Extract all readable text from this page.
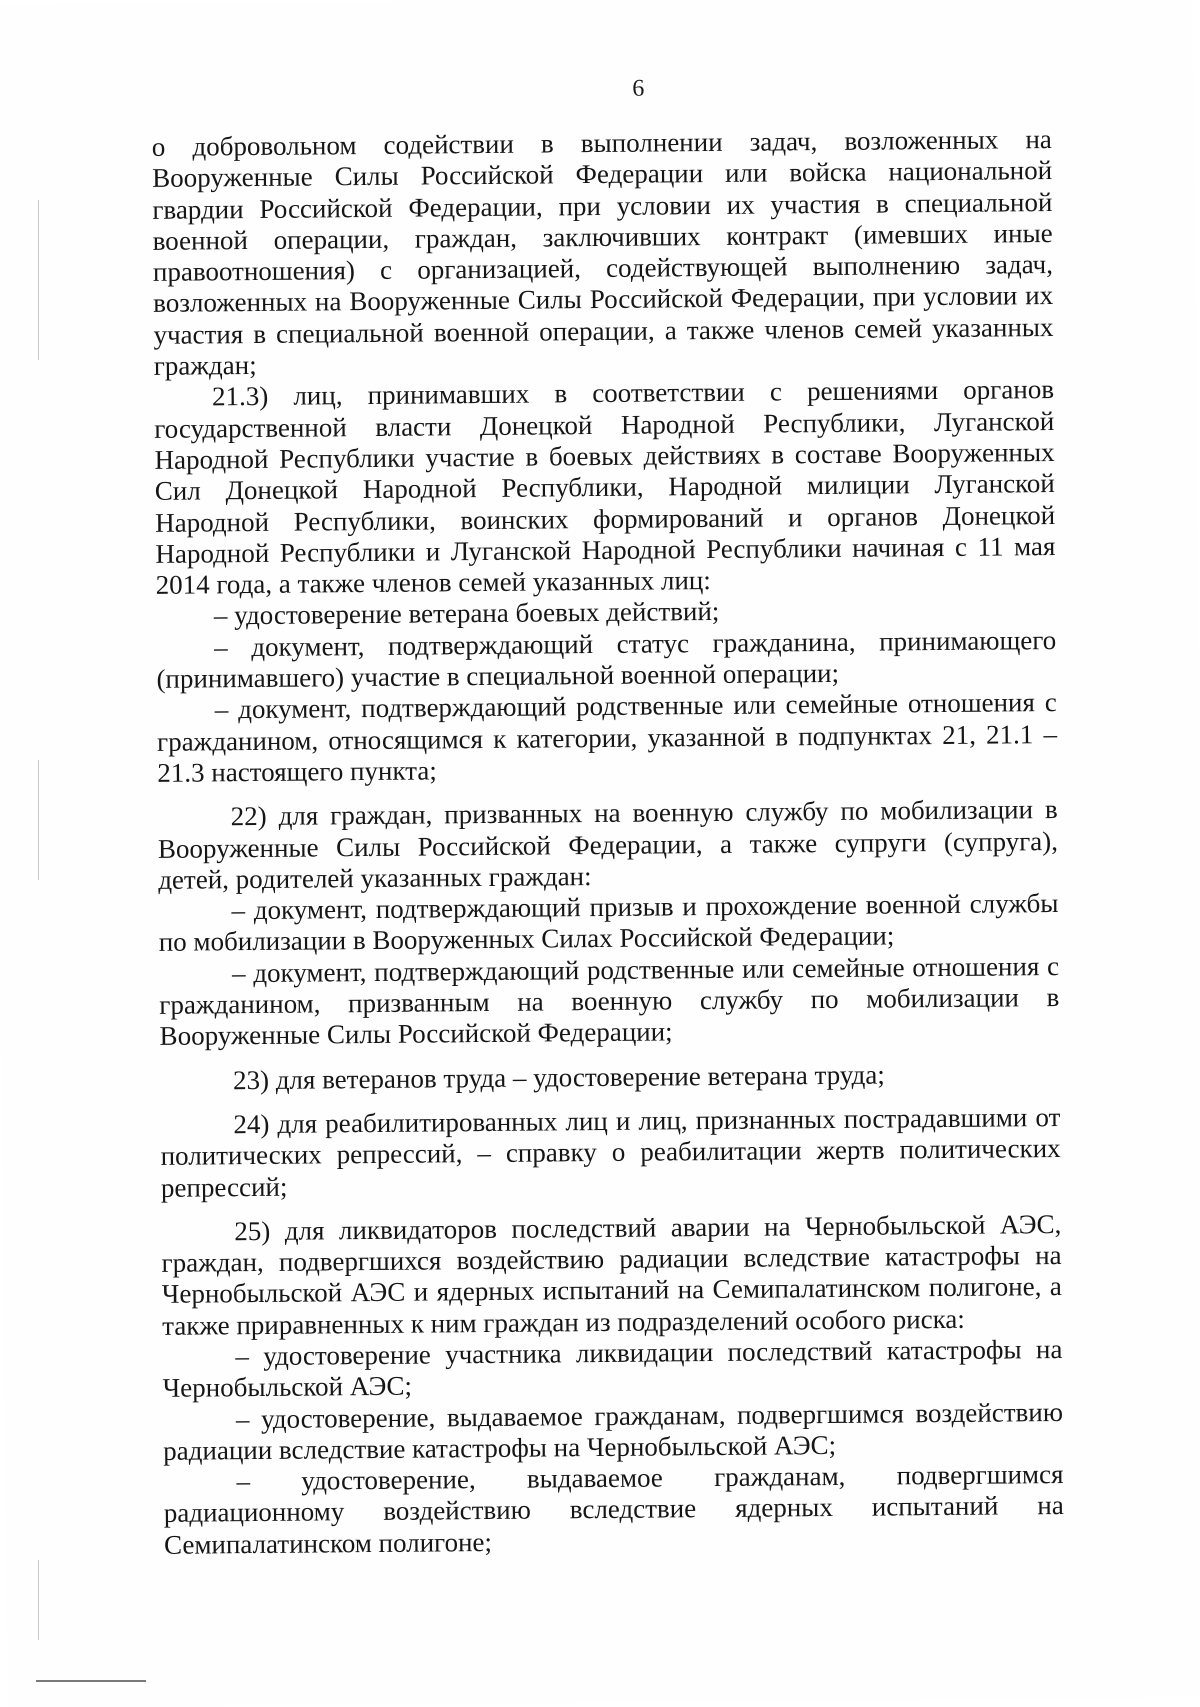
6

о добровольном содействии в выполнении задач, возложенных на Вооруженные Силы Российской Федерации или войска национальной гвардии Российской Федерации, при условии их участия в специальной военной операции, граждан, заключивших контракт (имевших иные правоотношения) с организацией, содействующей выполнению задач, возложенных на Вооруженные Силы Российской Федерации, при условии их участия в специальной военной операции, а также членов семей указанных граждан;

21.3) лиц, принимавших в соответствии с решениями органов государственной власти Донецкой Народной Республики, Луганской Народной Республики участие в боевых действиях в составе Вооруженных Сил Донецкой Народной Республики, Народной милиции Луганской Народной Республики, воинских формирований и органов Донецкой Народной Республики и Луганской Народной Республики начиная с 11 мая 2014 года, а также членов семей указанных лиц:

– удостоверение ветерана боевых действий;

– документ, подтверждающий статус гражданина, принимающего (принимавшего) участие в специальной военной операции;

– документ, подтверждающий родственные или семейные отношения с гражданином, относящимся к категории, указанной в подпунктах 21, 21.1 – 21.3 настоящего пункта;

22) для граждан, призванных на военную службу по мобилизации в Вооруженные Силы Российской Федерации, а также супруги (супруга), детей, родителей указанных граждан:

– документ, подтверждающий призыв и прохождение военной службы по мобилизации в Вооруженных Силах Российской Федерации;

– документ, подтверждающий родственные или семейные отношения с гражданином, призванным на военную службу по мобилизации в Вооруженные Силы Российской Федерации;

23) для ветеранов труда – удостоверение ветерана труда;

24) для реабилитированных лиц и лиц, признанных пострадавшими от политических репрессий, – справку о реабилитации жертв политических репрессий;

25) для ликвидаторов последствий аварии на Чернобыльской АЭС, граждан, подвергшихся воздействию радиации вследствие катастрофы на Чернобыльской АЭС и ядерных испытаний на Семипалатинском полигоне, а также приравненных к ним граждан из подразделений особого риска:

– удостоверение участника ликвидации последствий катастрофы на Чернобыльской АЭС;

– удостоверение, выдаваемое гражданам, подвергшимся воздействию радиации вследствие катастрофы на Чернобыльской АЭС;

– удостоверение, выдаваемое гражданам, подвергшимся радиационному воздействию вследствие ядерных испытаний на Семипалатинском полигоне;
